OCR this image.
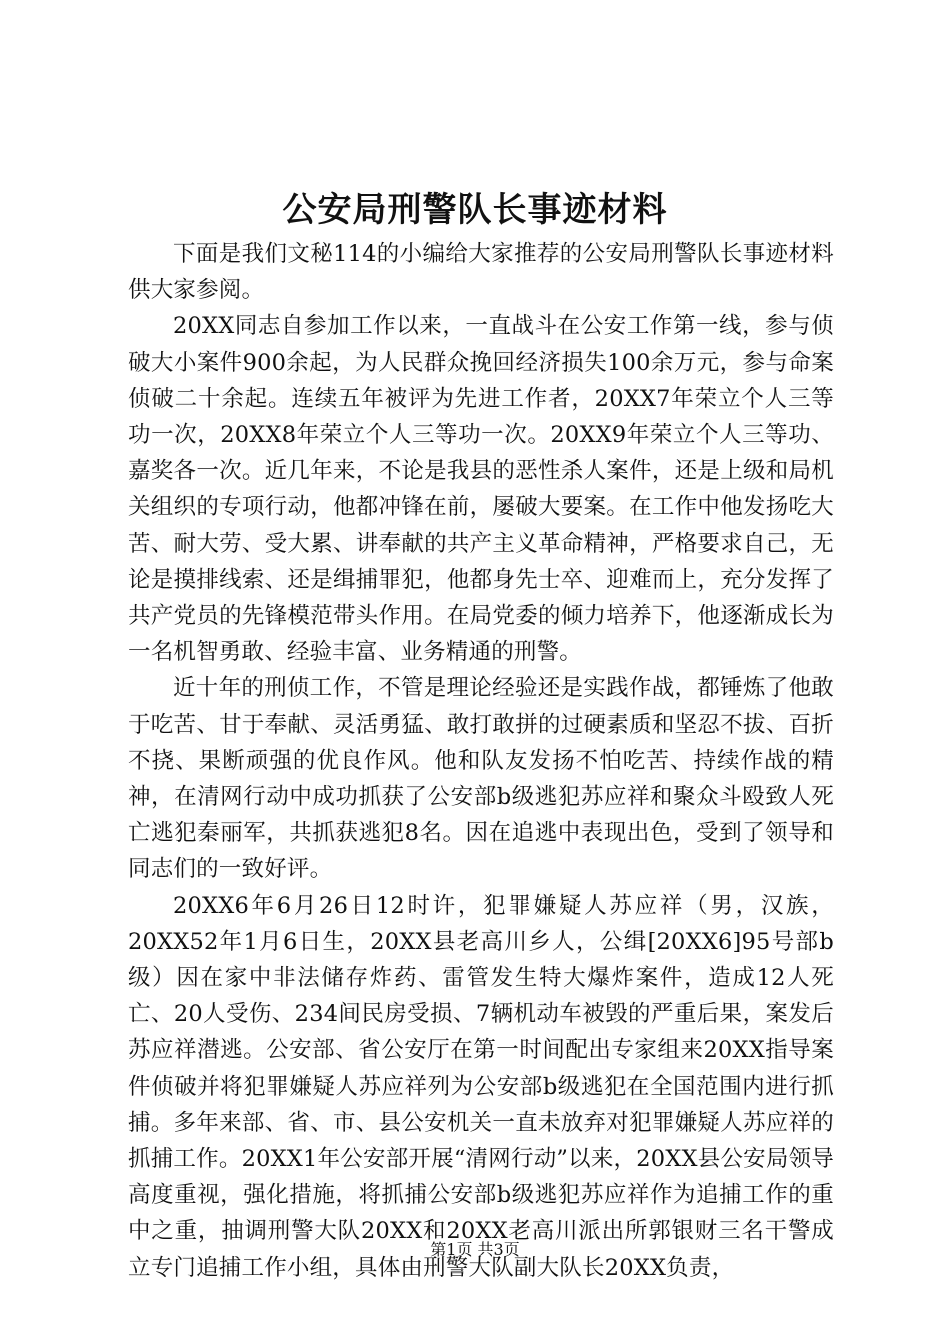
公安局刑警队长事迹材料

下面是我们文秘114的小编给大家推荐的公安局刑警队长事迹材料供大家参阅。

20XX同志自参加工作以来，一直战斗在公安工作第一线，参与侦破大小案件900余起，为人民群众挽回经济损失100余万元，参与命案侦破二十余起。连续五年被评为先进工作者，20XX7年荣立个人三等功一次，20XX8年荣立个人三等功一次。20XX9年荣立个人三等功、嘉奖各一次。近几年来，不论是我县的恶性杀人案件，还是上级和局机关组织的专项行动，他都冲锋在前，屡破大要案。在工作中他发扬吃大苦、耐大劳、受大累、讲奉献的共产主义革命精神，严格要求自己，无论是摸排线索、还是缉捕罪犯，他都身先士卒、迎难而上，充分发挥了共产党员的先锋模范带头作用。在局党委的倾力培养下，他逐渐成长为一名机智勇敢、经验丰富、业务精通的刑警。

近十年的刑侦工作，不管是理论经验还是实践作战，都锤炼了他敢于吃苦、甘于奉献、灵活勇猛、敢打敢拼的过硬素质和坚忍不拔、百折不挠、果断顽强的优良作风。他和队友发扬不怕吃苦、持续作战的精神，在清网行动中成功抓获了公安部b级逃犯苏应祥和聚众斗殴致人死亡逃犯秦丽军，共抓获逃犯8名。因在追逃中表现出色，受到了领导和同志们的一致好评。

20XX6年6月26日12时许，犯罪嫌疑人苏应祥（男，汉族，20XX52年1月6日生，20XX县老高川乡人，公缉[20XX6]95号部b级）因在家中非法储存炸药、雷管发生特大爆炸案件，造成12人死亡、20人受伤、234间民房受损、7辆机动车被毁的严重后果，案发后苏应祥潜逃。公安部、省公安厅在第一时间配出专家组来20XX指导案件侦破并将犯罪嫌疑人苏应祥列为公安部b级逃犯在全国范围内进行抓捕。多年来部、省、市、县公安机关一直未放弃对犯罪嫌疑人苏应祥的抓捕工作。20XX1年公安部开展“清网行动”以来，20XX县公安局领导高度重视，强化措施，将抓捕公安部b级逃犯苏应祥作为追捕工作的重中之重，抽调刑警大队20XX和20XX老高川派出所郭银财三名干警成立专门追捕工作小组，具体由刑警大队副大队长20XX负责，

第1页 共3页
